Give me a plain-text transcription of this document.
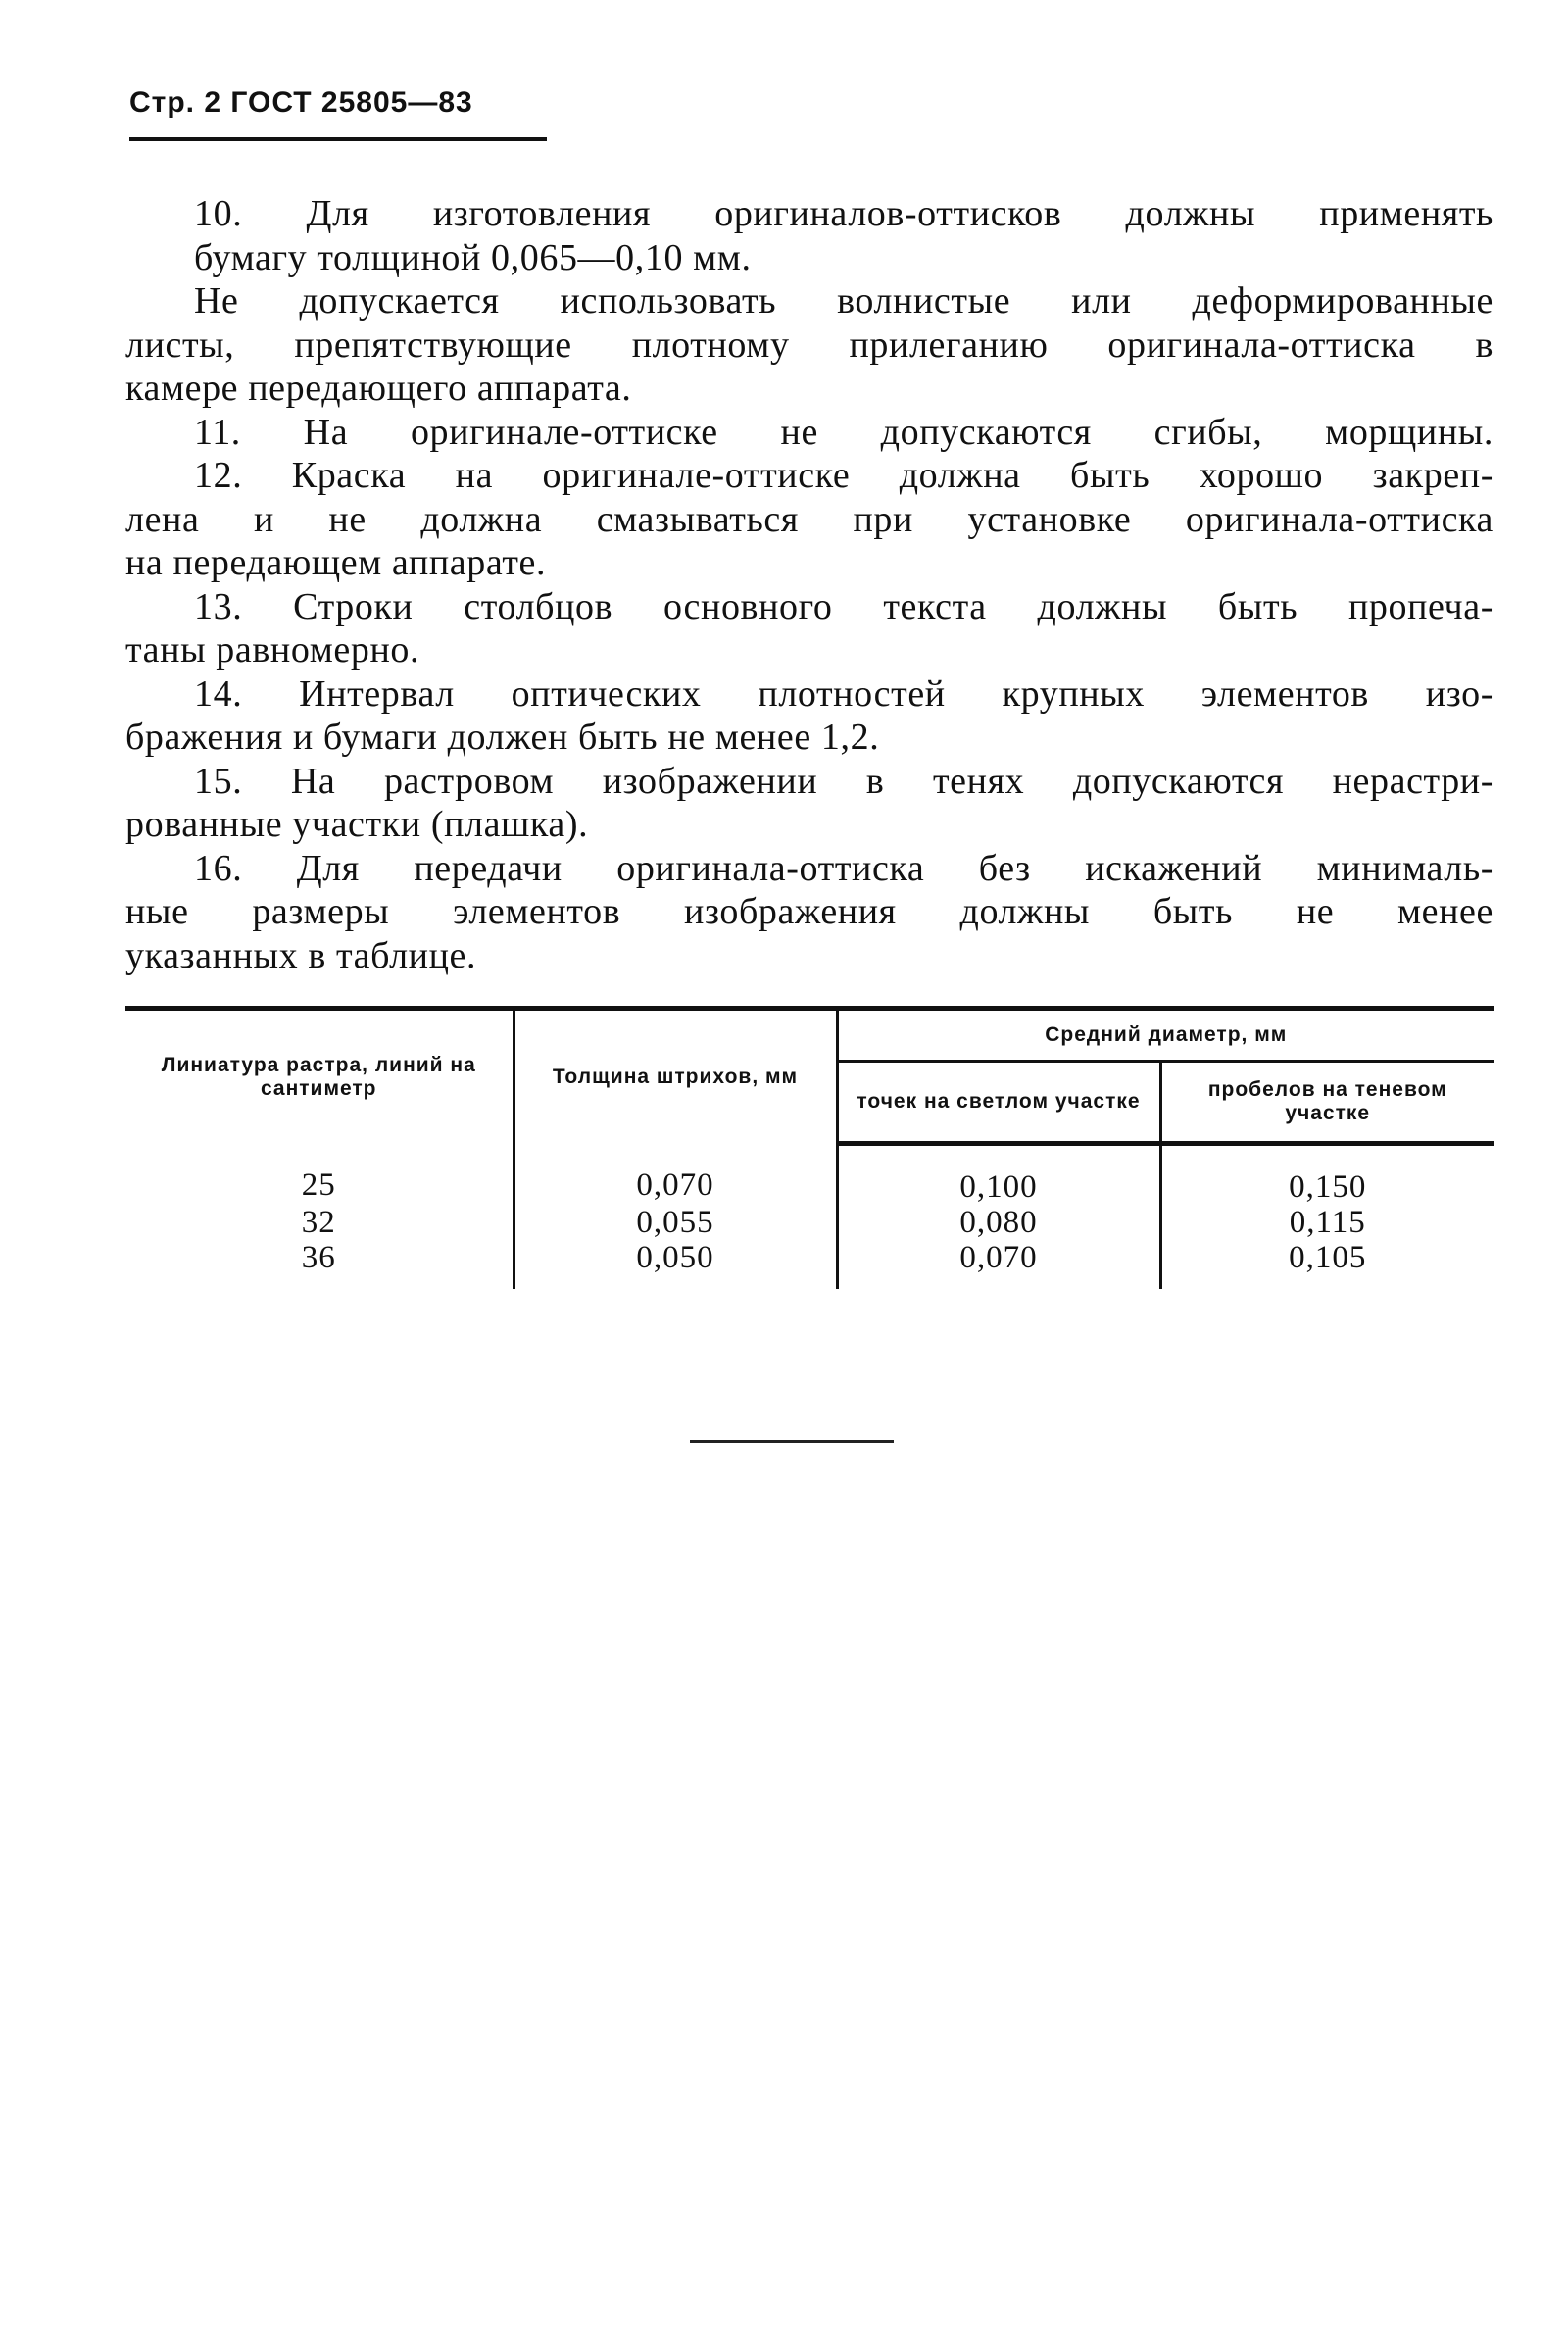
Стр. 2 ГОСТ 25805—83

10. Для изготовления оригиналов-оттисков должны применять
бумагу толщиной 0,065—0,10 мм.

Не допускается использовать волнистые или деформированные
листы, препятствующие плотному прилеганию оригинала-оттиска в
камере передающего аппарата.

11. На оригинале-оттиске не допускаются сгибы, морщины.

12. Краска на оригинале-оттиске должна быть хорошо закреп-
лена и не должна смазываться при установке оригинала-оттиска
на передающем аппарате.

13. Строки столбцов основного текста должны быть пропеча-
таны равномерно.

14. Интервал оптических плотностей крупных элементов изо-
бражения и бумаги должен быть не менее 1,2.

15. На растровом изображении в тенях допускаются нерастри-
рованные участки (плашка).

16. Для передачи оригинала-оттиска без искажений минималь-
ные размеры элементов изображения должны быть не менее
указанных в таблице.

Линиатура растра, линий на сантиметр	Толщина штрихов, мм	Средний диаметр, мм	
		точек на светлом участке	пробелов на теневом участке
25	0,070	0,100	0,150
32	0,055	0,080	0,115
36	0,050	0,070	0,105
